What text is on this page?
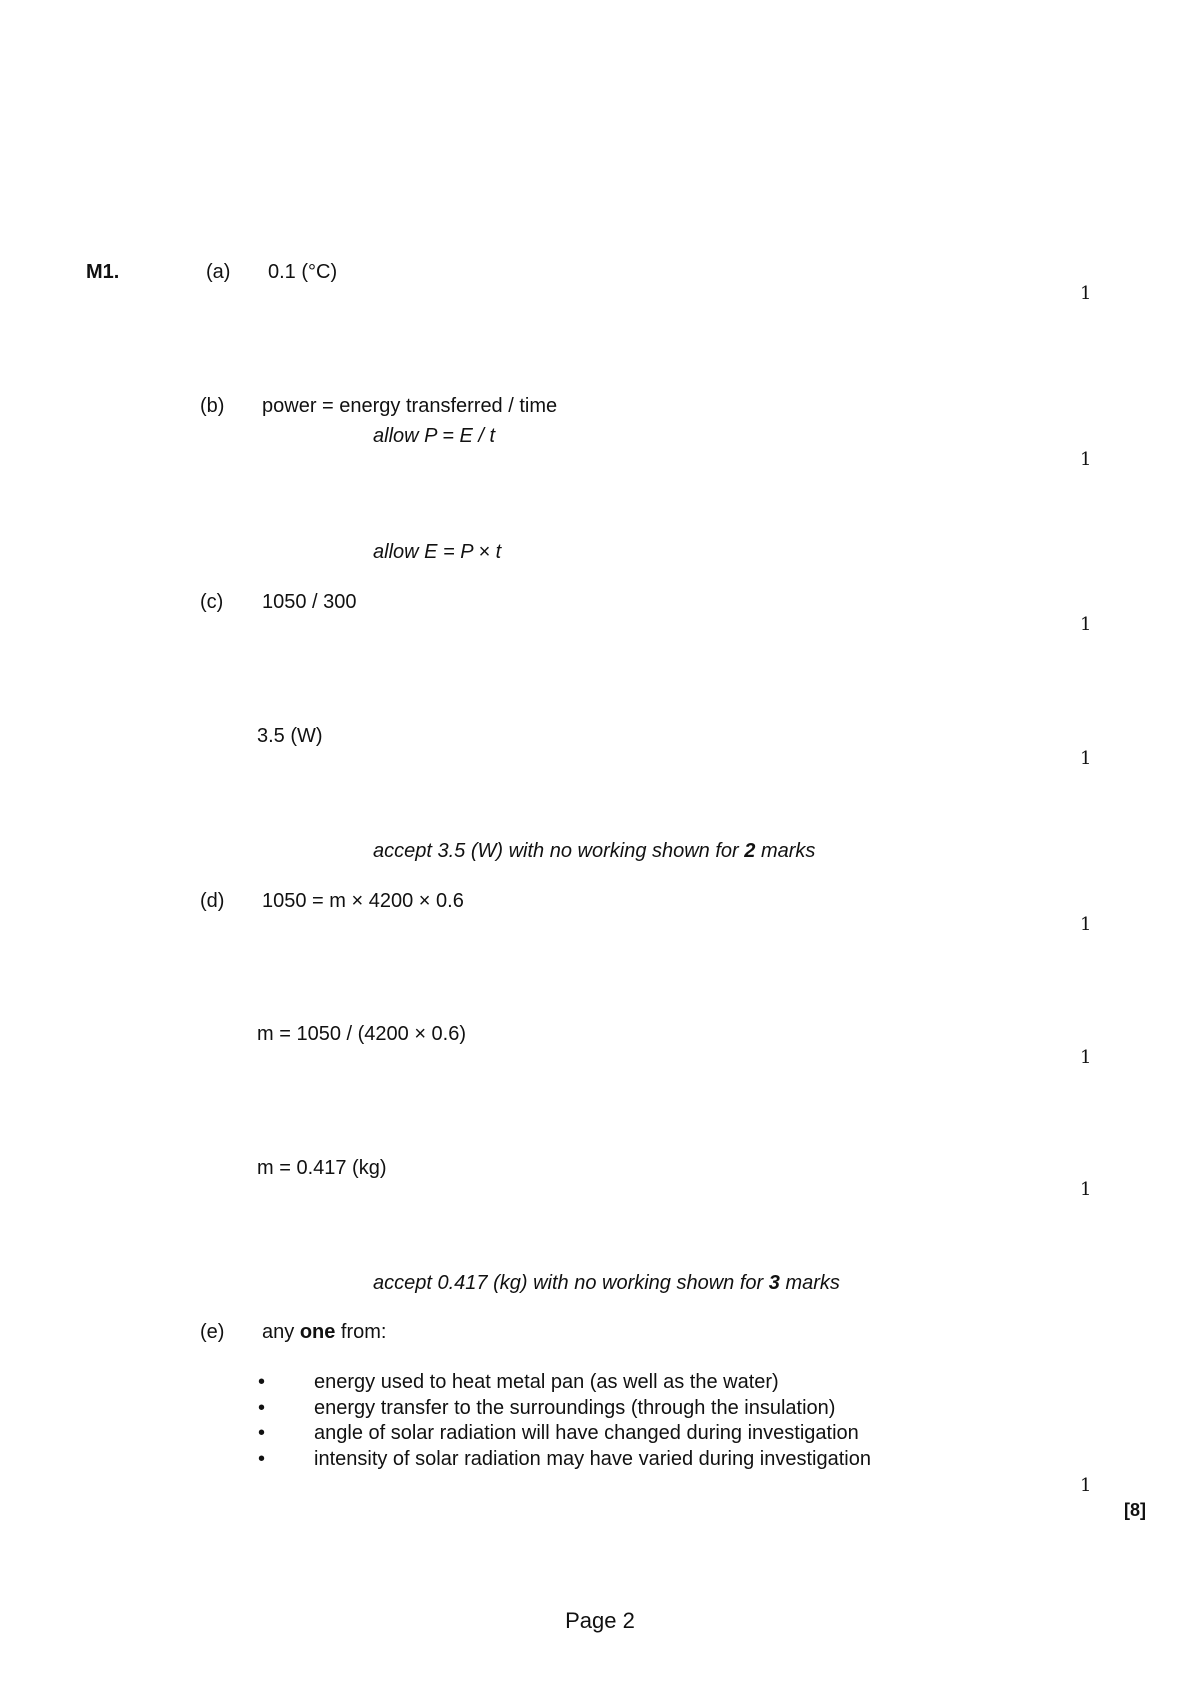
M1.	(a) 0.1 (°C)
1
(b) power = energy transferred / time
allow P = E / t
1
allow E = P × t
(c) 1050 / 300
1
3.5 (W)
1
accept 3.5 (W) with no working shown for 2 marks
(d) 1050 = m × 4200 × 0.6
1
m = 1050 / (4200 × 0.6)
1
m = 0.417 (kg)
1
accept 0.417 (kg) with no working shown for 3 marks
(e) any one from:
• energy used to heat metal pan (as well as the water)
• energy transfer to the surroundings (through the insulation)
• angle of solar radiation will have changed during investigation
• intensity of solar radiation may have varied during investigation
1
[8]
Page 2
